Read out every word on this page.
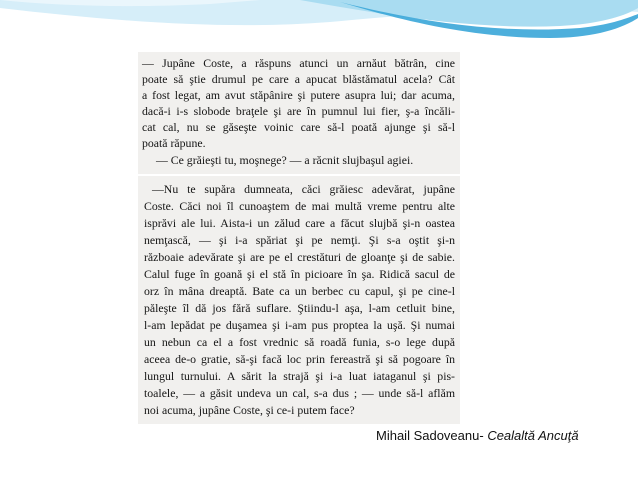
— Jupâne Coste, a răspuns atunci un arnăut bătrân, cine
poate să ştie drumul pe care a apucat blăstămatul acela? Cât
a fost legat, am avut stăpânire şi putere asupra lui; dar acuma,
dacă-i i-s slobode braţele şi are în pumnul lui fier, ş-a încăli-
cat cal, nu se găseşte voinic care să-l poată ajunge şi să-l
poată răpune.
— Ce grăieşti tu, moşnege? — a răcnit slujbaşul agiei.
—Nu te supăra dumneata, căci grăiesc adevărat, jupâne
Coste. Căci noi îl cunoaştem de mai multă vreme pentru alte
isprăvi ale lui. Aista-i un zălud care a făcut slujbă şi-n oastea
nemţască, — şi i-a spăriat şi pe nemţi. Şi s-a oştit şi-n
războaie adevărate şi are pe el crestături de gloanţe şi de sabie.
Calul fuge în goană şi el stă în picioare în şa. Ridică sacul de
orz în mâna dreaptă. Bate ca un berbec cu capul, şi pe cine-l
păleşte îl dă jos fără suflare. Ştiindu-l aşa, l-am cetluit bine,
l-am lepădat pe duşamea şi i-am pus proptea la uşă. Şi numai
un nebun ca el a fost vrednic să roadă funia, s-o lege după
aceea de-o gratie, să-şi facă loc prin fereastră şi să pogoare în
lungul turnului. A sărit la strajă şi i-a luat iataganul şi pis-
toalele, — a găsit undeva un cal, s-a dus ; — unde să-l aflăm
noi acuma, jupâne Coste, şi ce-i putem face?
Mihail Sadoveanu- Cealaltă Ancuţă
